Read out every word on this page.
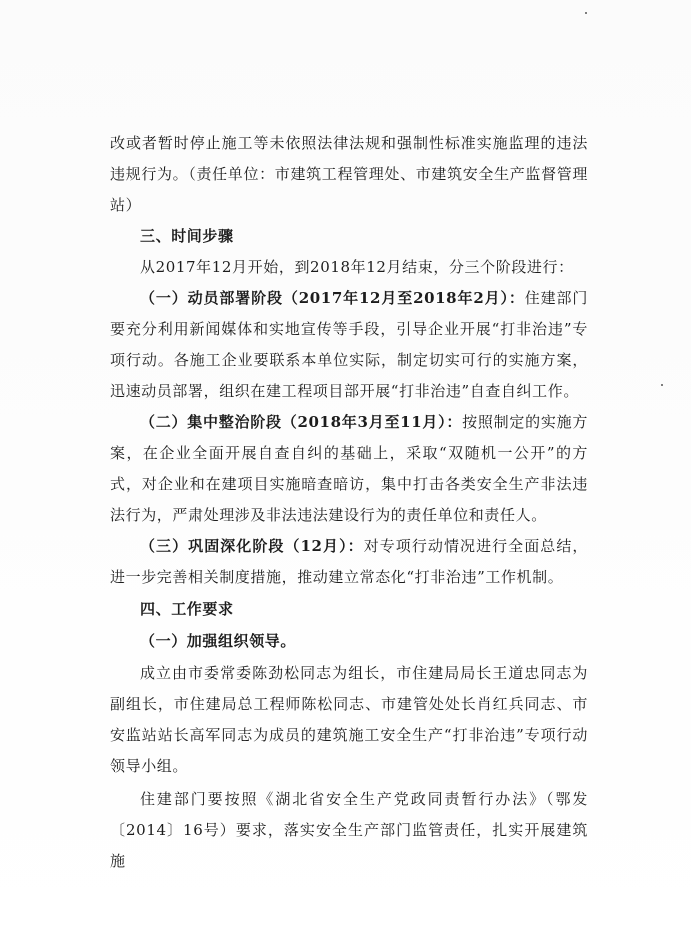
改或者暂时停止施工等未依照法律法规和强制性标准实施监理的违法违规行为。（责任单位：市建筑工程管理处、市建筑安全生产监督管理站）

三、时间步骤

从2017年12月开始，到2018年12月结束，分三个阶段进行：

（一）动员部署阶段（2017年12月至2018年2月）：住建部门要充分利用新闻媒体和实地宣传等手段，引导企业开展“打非治违”专项行动。各施工企业要联系本单位实际，制定切实可行的实施方案，迅速动员部署，组织在建工程项目部开展“打非治违”自查自纠工作。

（二）集中整治阶段（2018年3月至11月）：按照制定的实施方案，在企业全面开展自查自纠的基础上，采取“双随机一公开”的方式，对企业和在建项目实施暗查暗访，集中打击各类安全生产非法违法行为，严肃处理涉及非法违法建设行为的责任单位和责任人。

（三）巩固深化阶段（12月）：对专项行动情况进行全面总结，进一步完善相关制度措施，推动建立常态化“打非治违”工作机制。

四、工作要求

（一）加强组织领导。

成立由市委常委陈劲松同志为组长，市住建局局长王道忠同志为副组长，市住建局总工程师陈松同志、市建管处处长肖红兵同志、市安监站站长高军同志为成员的建筑施工安全生产“打非治违”专项行动领导小组。

住建部门要按照《湖北省安全生产党政同责暂行办法》（鄂发〔2014〕16号）要求，落实安全生产部门监管责任，扎实开展建筑施
